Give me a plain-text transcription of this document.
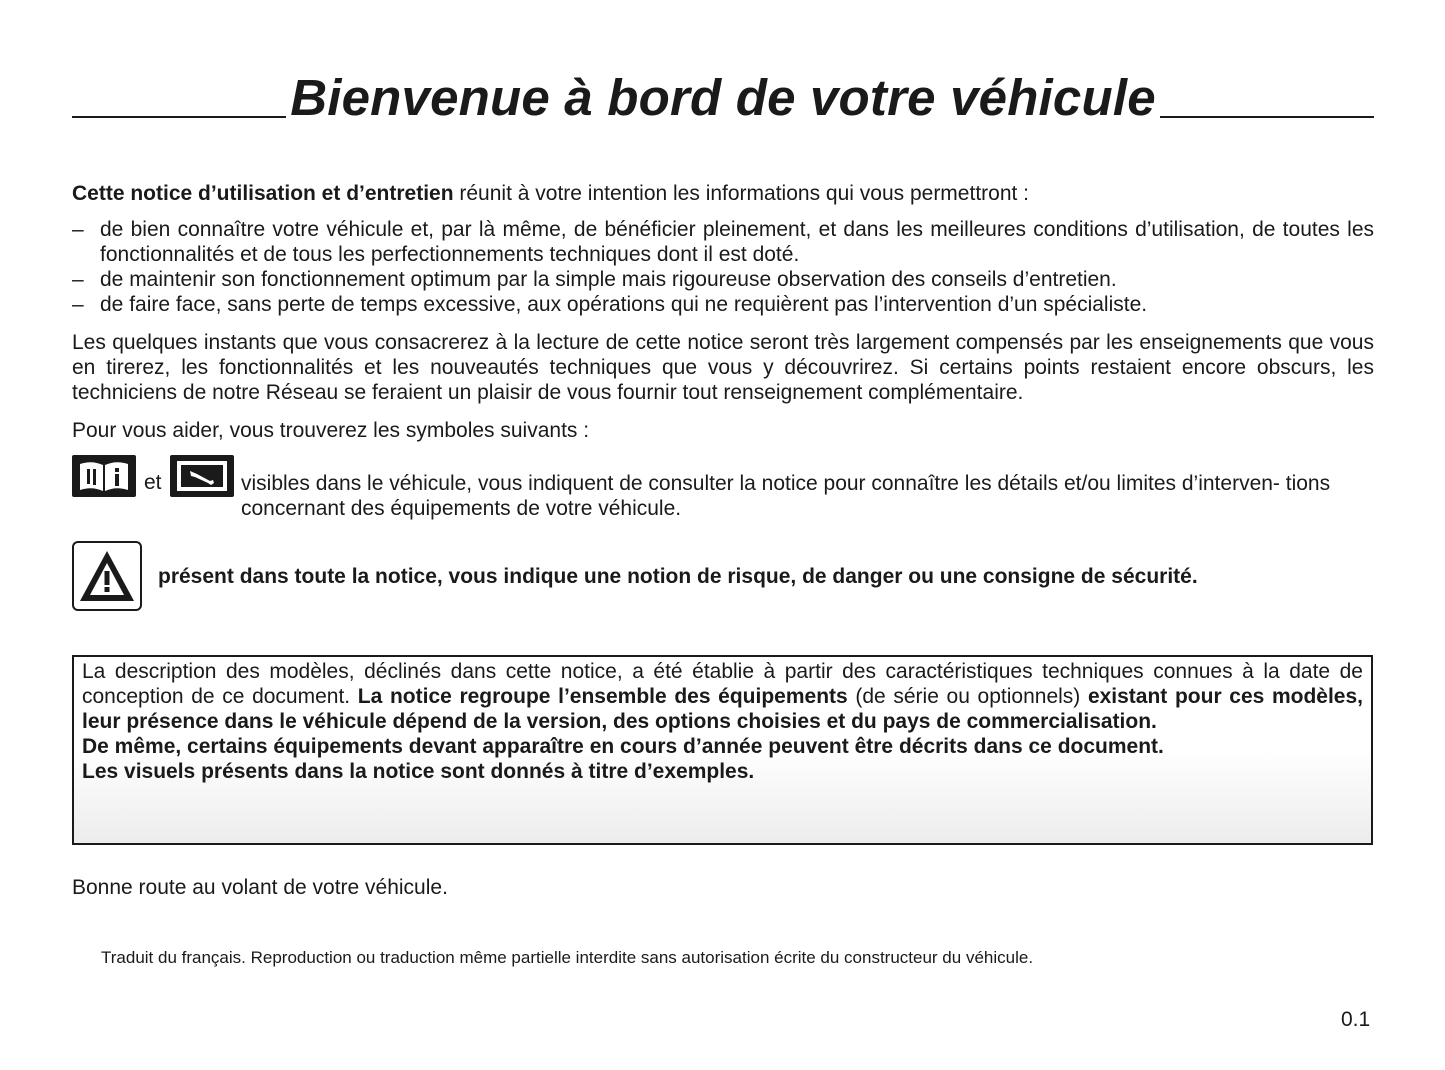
Bienvenue à bord de votre véhicule
Cette notice d’utilisation et d’entretien réunit à votre intention les informations qui vous permettront :
– de bien connaître votre véhicule et, par là même, de bénéficier pleinement, et dans les meilleures conditions d’utilisation, de toutes les fonctionnalités et de tous les perfectionnements techniques dont il est doté.
– de maintenir son fonctionnement optimum par la simple mais rigoureuse observation des conseils d’entretien.
– de faire face, sans perte de temps excessive, aux opérations qui ne requièrent pas l’intervention d’un spécialiste.
Les quelques instants que vous consacrerez à la lecture de cette notice seront très largement compensés par les enseignements que vous en tirerez, les fonctionnalités et les nouveautés techniques que vous y découvrirez. Si certains points restaient encore obscurs, les techniciens de notre Réseau se feraient un plaisir de vous fournir tout renseignement complémentaire.
Pour vous aider, vous trouverez les symboles suivants :
et	visibles dans le véhicule, vous indiquent de consulter la notice pour connaître les détails et/ou limites d’interven- tions concernant des équipements de votre véhicule.
présent dans toute la notice, vous indique une notion de risque, de danger ou une consigne de sécurité.
La description des modèles, déclinés dans cette notice, a été établie à partir des caractéristiques techniques connues à la date de conception de ce document. La notice regroupe l’ensemble des équipements (de série ou optionnels) existant pour ces modèles, leur présence dans le véhicule dépend de la version, des options choisies et du pays de commercialisation.
De même, certains équipements devant apparaître en cours d’année peuvent être décrits dans ce document.
Les visuels présents dans la notice sont donnés à titre d’exemples.
Bonne route au volant de votre véhicule.
Traduit du français. Reproduction ou traduction même partielle interdite sans autorisation écrite du constructeur du véhicule.
0.1
